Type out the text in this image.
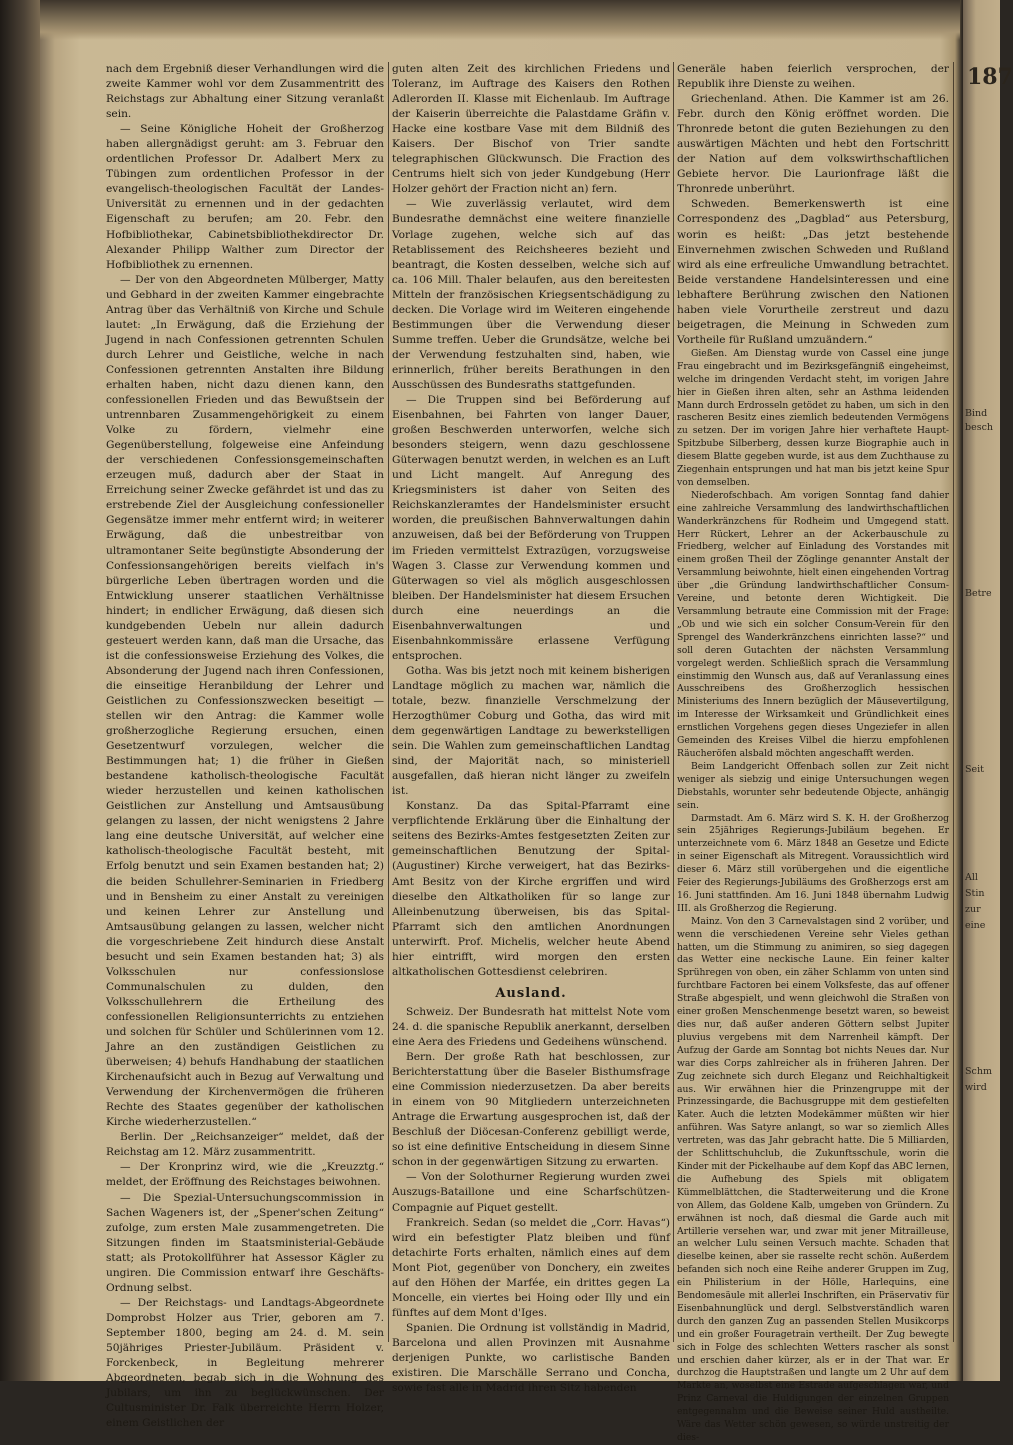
nach dem Ergebniß dieser Verhandlungen wird die zweite Kammer wohl vor dem Zusammentritt des Reichstags zur Abhaltung einer Sitzung veranlaßt sein.

— Seine Königliche Hoheit der Großherzog haben allergnädigst geruht: am 3. Februar den ordentlichen Professor Dr. Adalbert Merx zu Tübingen zum ordentlichen Professor in der evangelisch-theologischen Facultät der Landes-Universität zu ernennen und in der gedachten Eigenschaft zu berufen; am 20. Febr. den Hofbibliothekar, Cabinetsbibliothekdirector Dr. Alexander Philipp Walther zum Director der Hofbibliothek zu ernennen.

— Der von den Abgeordneten Mülberger, Matty und Gebhard in der zweiten Kammer eingebrachte Antrag über das Verhältniß von Kirche und Schule lautet: „In Erwägung, daß die Erziehung der Jugend in nach Confessionen getrennten Schulen durch Lehrer und Geistliche, welche in nach Confessionen getrennten Anstalten ihre Bildung erhalten haben, nicht dazu dienen kann, den confessionellen Frieden und das Bewußtsein der untrennbaren Zusammengehörigkeit zu einem Volke zu fördern, vielmehr eine Gegenüberstellung, folgeweise eine Anfeindung der verschiedenen Confessionsgemeinschaften erzeugen muß, dadurch aber der Staat in Erreichung seiner Zwecke gefährdet ist und das zu erstrebende Ziel der Ausgleichung confessioneller Gegensätze immer mehr entfernt wird; in weiterer Erwägung, daß die unbestreitbar von ultramontaner Seite begünstigte Absonderung der Confessionsangehörigen bereits vielfach in's bürgerliche Leben übertragen worden und die Entwicklung unserer staatlichen Verhältnisse hindert; in endlicher Erwägung, daß diesen sich kundgebenden Uebeln nur allein dadurch gesteuert werden kann, daß man die Ursache, das ist die confessionsweise Erziehung des Volkes, die Absonderung der Jugend nach ihren Confessionen, die einseitige Heranbildung der Lehrer und Geistlichen zu Confessionszwecken beseitigt — stellen wir den Antrag: die Kammer wolle großherzogliche Regierung ersuchen, einen Gesetzentwurf vorzulegen, welcher die Bestimmungen hat; 1) die früher in Gießen bestandene katholisch-theologische Facultät wieder herzustellen und keinen katholischen Geistlichen zur Anstellung und Amtsausübung gelangen zu lassen, der nicht wenigstens 2 Jahre lang eine deutsche Universität, auf welcher eine katholisch-theologische Facultät besteht, mit Erfolg benutzt und sein Examen bestanden hat; 2) die beiden Schullehrer-Seminarien in Friedberg und in Bensheim zu einer Anstalt zu vereinigen und keinen Lehrer zur Anstellung und Amtsausübung gelangen zu lassen, welcher nicht die vorgeschriebene Zeit hindurch diese Anstalt besucht und sein Examen bestanden hat; 3) als Volksschulen nur confessionslose Communalschulen zu dulden, den Volksschullehrern die Ertheilung des confessionellen Religionsunterrichts zu entziehen und solchen für Schüler und Schülerinnen vom 12. Jahre an den zuständigen Geistlichen zu überweisen; 4) behufs Handhabung der staatlichen Kirchenaufsicht auch in Bezug auf Verwaltung und Verwendung der Kirchenvermögen die früheren Rechte des Staates gegenüber der katholischen Kirche wiederherzustellen.“

Berlin. Der „Reichsanzeiger“ meldet, daß der Reichstag am 12. März zusammentritt.

— Der Kronprinz wird, wie die „Kreuzztg.“ meldet, der Eröffnung des Reichstages beiwohnen.

— Die Spezial-Untersuchungscommission in Sachen Wageners ist, der „Spener'schen Zeitung“ zufolge, zum ersten Male zusammengetreten. Die Sitzungen finden im Staatsministerial-Gebäude statt; als Protokollführer hat Assessor Kägler zu ungiren. Die Commission entwarf ihre Geschäfts-Ordnung selbst.

— Der Reichstags- und Landtags-Abgeordnete Domprobst Holzer aus Trier, geboren am 7. September 1800, beging am 24. d. M. sein 50jähriges Priester-Jubiläum. Präsident v. Forckenbeck, in Begleitung mehrerer Abgeordneten, begab sich in die Wohnung des Jubilars, um ihn zu beglückwünschen. Der Cultusminister Dr. Falk überreichte Herrn Holzer, einem Geistlichen der

guten alten Zeit des kirchlichen Friedens und Toleranz, im Auftrage des Kaisers den Rothen Adlerorden II. Klasse mit Eichenlaub. Im Auftrage der Kaiserin überreichte die Palastdame Gräfin v. Hacke eine kostbare Vase mit dem Bildniß des Kaisers. Der Bischof von Trier sandte telegraphischen Glückwunsch. Die Fraction des Centrums hielt sich von jeder Kundgebung (Herr Holzer gehört der Fraction nicht an) fern.

— Wie zuverlässig verlautet, wird dem Bundesrathe demnächst eine weitere finanzielle Vorlage zugehen, welche sich auf das Retablissement des Reichsheeres bezieht und beantragt, die Kosten desselben, welche sich auf ca. 106 Mill. Thaler belaufen, aus den bereitesten Mitteln der französischen Kriegsentschädigung zu decken. Die Vorlage wird im Weiteren eingehende Bestimmungen über die Verwendung dieser Summe treffen. Ueber die Grundsätze, welche bei der Verwendung festzuhalten sind, haben, wie erinnerlich, früher bereits Berathungen in den Ausschüssen des Bundesraths stattgefunden.

— Die Truppen sind bei Beförderung auf Eisenbahnen, bei Fahrten von langer Dauer, großen Beschwerden unterworfen, welche sich besonders steigern, wenn dazu geschlossene Güterwagen benutzt werden, in welchen es an Luft und Licht mangelt. Auf Anregung des Kriegsministers ist daher von Seiten des Reichskanzleramtes der Handelsminister ersucht worden, die preußischen Bahnverwaltungen dahin anzuweisen, daß bei der Beförderung von Truppen im Frieden vermittelst Extrazügen, vorzugsweise Wagen 3. Classe zur Verwendung kommen und Güterwagen so viel als möglich ausgeschlossen bleiben. Der Handelsminister hat diesem Ersuchen durch eine neuerdings an die Eisenbahnverwaltungen und Eisenbahnkommissäre erlassene Verfügung entsprochen.

Gotha. Was bis jetzt noch mit keinem bisherigen Landtage möglich zu machen war, nämlich die totale, bezw. finanzielle Verschmelzung der Herzogthümer Coburg und Gotha, das wird mit dem gegenwärtigen Landtage zu bewerkstelligen sein. Die Wahlen zum gemeinschaftlichen Landtag sind, der Majorität nach, so ministeriell ausgefallen, daß hieran nicht länger zu zweifeln ist.

Konstanz. Da das Spital-Pfarramt eine verpflichtende Erklärung über die Einhaltung der seitens des Bezirks-Amtes festgesetzten Zeiten zur gemeinschaftlichen Benutzung der Spital-(Augustiner) Kirche verweigert, hat das Bezirks-Amt Besitz von der Kirche ergriffen und wird dieselbe den Altkatholiken für so lange zur Alleinbenutzung überweisen, bis das Spital-Pfarramt sich den amtlichen Anordnungen unterwirft. Prof. Michelis, welcher heute Abend hier eintrifft, wird morgen den ersten altkatholischen Gottesdienst celebriren.

Ausland.

Schweiz. Der Bundesrath hat mittelst Note vom 24. d. die spanische Republik anerkannt, derselben eine Aera des Friedens und Gedeihens wünschend.

Bern. Der große Rath hat beschlossen, zur Berichterstattung über die Baseler Bisthumsfrage eine Commission niederzusetzen. Da aber bereits in einem von 90 Mitgliedern unterzeichneten Antrage die Erwartung ausgesprochen ist, daß der Beschluß der Diöcesan-Conferenz gebilligt werde, so ist eine definitive Entscheidung in diesem Sinne schon in der gegenwärtigen Sitzung zu erwarten.

— Von der Solothurner Regierung wurden zwei Auszugs-Bataillone und eine Scharfschützen-Compagnie auf Piquet gestellt.

Frankreich. Sedan (so meldet die „Corr. Havas“) wird ein befestigter Platz bleiben und fünf detachirte Forts erhalten, nämlich eines auf dem Mont Piot, gegenüber von Donchery, ein zweites auf den Höhen der Marfée, ein drittes gegen La Moncelle, ein viertes bei Hoing oder Illy und ein fünftes auf dem Mont d'Iges.

Spanien. Die Ordnung ist vollständig in Madrid, Barcelona und allen Provinzen mit Ausnahme derjenigen Punkte, wo carlistische Banden existiren. Die Marschälle Serrano und Concha, sowie fast alle in Madrid ihren Sitz habenden

Generäle haben feierlich versprochen, der Republik ihre Dienste zu weihen.

Griechenland. Athen. Die Kammer ist am 26. Febr. durch den König eröffnet worden. Die Thronrede betont die guten Beziehungen zu den auswärtigen Mächten und hebt den Fortschritt der Nation auf dem volkswirthschaftlichen Gebiete hervor. Die Laurionfrage läßt die Thronrede unberührt.

Schweden. Bemerkenswerth ist eine Correspondenz des „Dagblad“ aus Petersburg, worin es heißt: „Das jetzt bestehende Einvernehmen zwischen Schweden und Rußland wird als eine erfreuliche Umwandlung betrachtet. Beide verstandene Handelsinteressen und eine lebhaftere Berührung zwischen den Nationen haben viele Vorurtheile zerstreut und dazu beigetragen, die Meinung in Schweden zum Vortheile für Rußland umzuändern.“

Gießen. Am Dienstag wurde von Cassel eine junge Frau eingebracht und im Bezirksgefängniß eingeheimst, welche im dringenden Verdacht steht, im vorigen Jahre hier in Gießen ihren alten, sehr an Asthma leidenden Mann durch Erdrosseln getödet zu haben, um sich in den rascheren Besitz eines ziemlich bedeutenden Vermögens zu setzen. Der im vorigen Jahre hier verhaftete Haupt-Spitzbube Silberberg, dessen kurze Biographie auch in diesem Blatte gegeben wurde, ist aus dem Zuchthause zu Ziegenhain entsprungen und hat man bis jetzt keine Spur von demselben.

Niederofschbach. Am vorigen Sonntag fand dahier eine zahlreiche Versammlung des landwirthschaftlichen Wanderkränzchens für Rodheim und Umgegend statt. Herr Rückert, Lehrer an der Ackerbauschule zu Friedberg, welcher auf Einladung des Vorstandes mit einem großen Theil der Zöglinge genannter Anstalt der Versammlung beiwohnte, hielt einen eingehenden Vortrag über „die Gründung landwirthschaftlicher Consum-Vereine, und betonte deren Wichtigkeit. Die Versammlung betraute eine Commission mit der Frage: „Ob und wie sich ein solcher Consum-Verein für den Sprengel des Wanderkränzchens einrichten lasse?“ und soll deren Gutachten der nächsten Versammlung vorgelegt werden. Schließlich sprach die Versammlung einstimmig den Wunsch aus, daß auf Veranlassung eines Ausschreibens des Großherzoglich hessischen Ministeriums des Innern bezüglich der Mäusevertilgung, im Interesse der Wirksamkeit und Gründlichkeit eines ernstlichen Vorgehens gegen dieses Ungeziefer in allen Gemeinden des Kreises Vilbel die hierzu empfohlenen Räucheröfen alsbald möchten angeschafft werden.

Beim Landgericht Offenbach sollen zur Zeit nicht weniger als siebzig und einige Untersuchungen wegen Diebstahls, worunter sehr bedeutende Objecte, anhängig sein.

Darmstadt. Am 6. März wird S. K. H. der Großherzog sein 25jähriges Regierungs-Jubiläum begehen. Er unterzeichnete vom 6. März 1848 an Gesetze und Edicte in seiner Eigenschaft als Mitregent. Voraussichtlich wird dieser 6. März still vorübergehen und die eigentliche Feier des Regierungs-Jubiläums des Großherzogs erst am 16. Juni stattfinden. Am 16. Juni 1848 übernahm Ludwig III. als Großherzog die Regierung.

Mainz. Von den 3 Carnevalstagen sind 2 vorüber, und wenn die verschiedenen Vereine sehr Vieles gethan hatten, um die Stimmung zu animiren, so sieg dagegen das Wetter eine neckische Laune. Ein feiner kalter Sprühregen von oben, ein zäher Schlamm von unten sind furchtbare Factoren bei einem Volksfeste, das auf offener Straße abgespielt, und wenn gleichwohl die Straßen von einer großen Menschenmenge besetzt waren, so beweist dies nur, daß außer anderen Göttern selbst Jupiter pluvius vergebens mit dem Narrenheil kämpft. Der Aufzug der Garde am Sonntag bot nichts Neues dar. Nur war dies Corps zahlreicher als in früheren Jahren. Der Zug zeichnete sich durch Eleganz und Reichhaltigkeit aus. Wir erwähnen hier die Prinzengruppe mit der Prinzessingarde, die Bachusgruppe mit dem gestiefelten Kater. Auch die letzten Modekämmer müßten wir hier anführen. Was Satyre anlangt, so war so ziemlich Alles vertreten, was das Jahr gebracht hatte. Die 5 Milliarden, der Schlittschuhclub, die Zukunftsschule, worin die Kinder mit der Pickelhaube auf dem Kopf das ABC lernen, die Aufhebung des Spiels mit obligatem Kümmelblättchen, die Stadterweiterung und die Krone von Allem, das Goldene Kalb, umgeben von Gründern. Zu erwähnen ist noch, daß diesmal die Garde auch mit Artillerie versehen war, und zwar mit jener Mitrailleuse, an welcher Lulu seinen Versuch machte. Schaden that dieselbe keinen, aber sie rasselte recht schön. Außerdem befanden sich noch eine Reihe anderer Gruppen im Zug, ein Philisterium in der Hölle, Harlequins, eine Bendomesäule mit allerlei Inschriften, ein Präservativ für Eisenbahnunglück und dergl. Selbstverständlich waren durch den ganzen Zug an passenden Stellen Musikcorps und ein großer Fouragetrain vertheilt. Der Zug bewegte sich in Folge des schlechten Wetters rascher als sonst und erschien daher kürzer, als er in der That war. Er durchzog die Hauptstraßen und langte um 2 Uhr auf dem Markte an, woselbst eine Estrade aufgeschlagen war, und Prinz Carneval die Huldigungen der einzelnen Gruppen entgegennahm und die Beweise seiner Huld austheilte. Wäre das Wetter schön gewesen, so würde unstreitig der dies-

187
Bind
besch
Betre
Seit
All
Stin
zur
eine
Schm
wird
